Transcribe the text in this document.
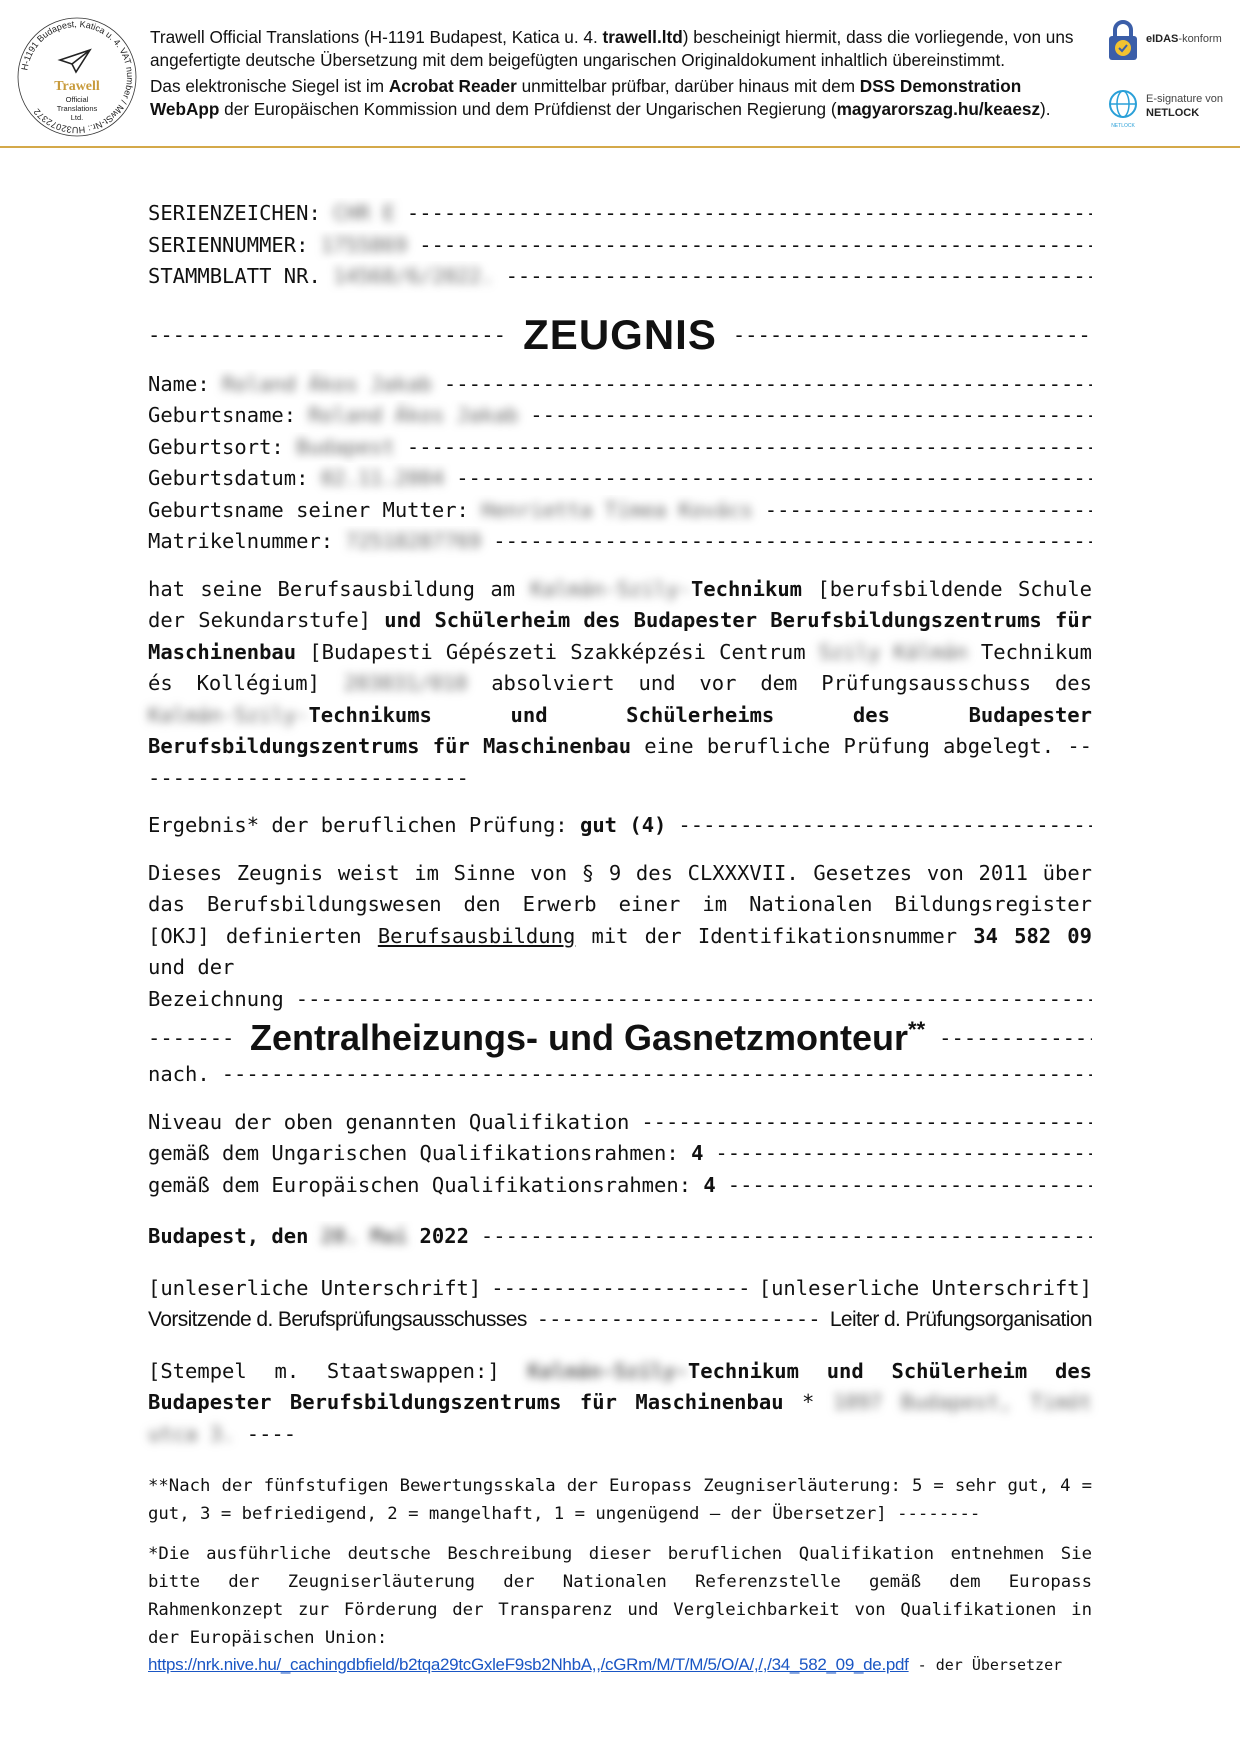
H-1191 Budapest, Katica u. 4. VAT number / MwSt-Nr.: HU32072372
Trawell
Official
Translations
Ltd.

Trawell Official Translations (H-1191 Budapest, Katica u. 4. trawell.ltd) bescheinigt hiermit, dass die vorliegende, von uns angefertigte deutsche Übersetzung mit dem beigefügten ungarischen Originaldokument inhaltlich übereinstimmt.

Das elektronische Siegel ist im Acrobat Reader unmittelbar prüfbar, darüber hinaus mit dem DSS Demonstration WebApp der Europäischen Kommission und dem Prüfdienst der Ungarischen Regierung (magyarorszag.hu/keaesz).

eIDAS-konform
NETLOCK
E-signature von
NETLOCK
SERIENZEICHEN: CHR E
-----
SERIENNUMMER: 1755869
-----
STAMMBLATT NR. 14568/6/2022.
-----
-----
ZEUGNIS
-----
Name: Roland Ákos Jakab
-----
Geburtsname: Roland Ákos Jakab
-----
Geburtsort: Budapest
-----
Geburtsdatum: 02.11.2004
-----
Geburtsname seiner Mutter: Henrietta Tímea Kovács
-----
Matrikelnummer: 72518287769
-----
hat seine Berufsausbildung am Kalmán-Szily-Technikum [berufsbildende Schule der Sekundarstufe] und Schülerheim des Budapester Berufsbildungszentrums für Maschinenbau [Budapesti Gépészeti Szakképzési Centrum Szily Kálmán Technikum és Kollégium] 203031/010 absolviert und vor dem Prüfungsausschuss des Kalmán-Szily-Technikums und Schülerheims des Budapester Berufsbildungszentrums für Maschinenbau eine berufliche Prüfung abgelegt. ----------------------------
Ergebnis* der beruflichen Prüfung: gut (4)
-----
Dieses Zeugnis weist im Sinne von § 9 des CLXXXVII. Gesetzes von 2011 über das Berufsbildungswesen den Erwerb einer im Nationalen Bildungsregister [OKJ] definierten Berufsausbildung mit der Identifikationsnummer 34 582 09 und der
Bezeichnung
-----
-----
Zentralheizungs- und Gasnetzmonteur**
-----
nach.
-----
Niveau der oben genannten Qualifikation
-----
gemäß dem Ungarischen Qualifikationsrahmen: 4
-----
gemäß dem Europäischen Qualifikationsrahmen: 4
-----
Budapest, den 20. Mai 2022
-----
[unleserliche Unterschrift] -----	[unleserliche Unterschrift]
Vorsitzende d. Berufsprüfungsausschusses -----	Leiter d. Prüfungsorganisation
[Stempel m. Staatswappen:] Kalmán-Szily-Technikum und Schülerheim des Budapester Berufsbildungszentrums für Maschinenbau * 1097 Budapest, Timót utca 3. ----
**Nach der fünfstufigen Bewertungsskala der Europass Zeugniserläuterung: 5 = sehr gut, 4 = gut, 3 = befriedigend, 2 = mangelhaft, 1 = ungenügend — der Übersetzer] --------
*Die ausführliche deutsche Beschreibung dieser beruflichen Qualifikation entnehmen Sie bitte der Zeugniserläuterung der Nationalen Referenzstelle gemäß dem Europass Rahmenkonzept zur Förderung der Transparenz und Vergleichbarkeit von Qualifikationen in der Europäischen Union:
https://nrk.nive.hu/_cachingdbfield/b2tqa29tcGxleF9sb2NhbA,,/cGRm/M/T/M/5/O/A/,/,/34_582_09_de.pdf - der Übersetzer
